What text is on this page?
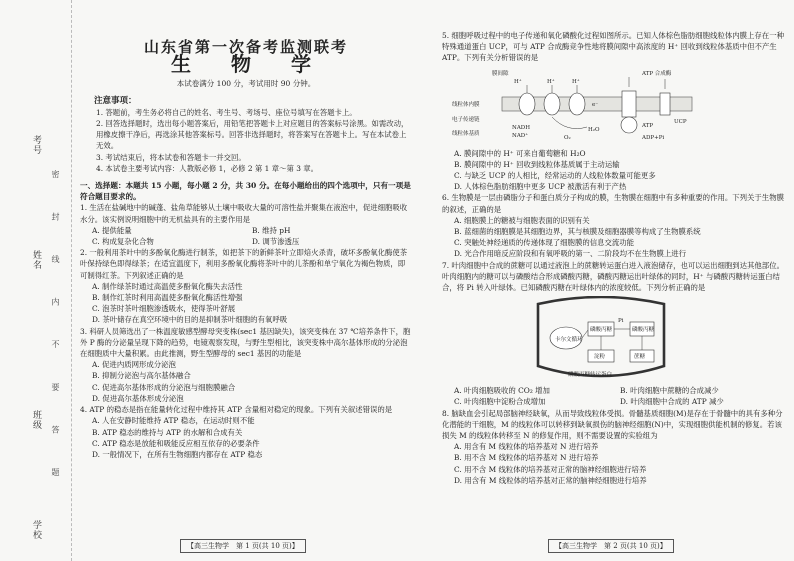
考号
姓名
班级
学校
密 封 线 内 不 要 答 题
山东省第一次备考监测联考
生　物　学
本试卷满分 100 分，考试用时 90 分钟。
注意事项：
1. 答题前，考生务必将自己的姓名、考生号、考场号、座位号填写在答题卡上。
2. 回答选择题时，选出每小题答案后，用铅笔把答题卡上对应题目的答案标号涂黑。如需改动，用橡皮擦干净后，再选涂其他答案标号。回答非选择题时，将答案写在答题卡上。写在本试卷上无效。
3. 考试结束后，将本试卷和答题卡一并交回。
4. 本试卷主要考试内容：人教版必修 1，必修 2 第 1 章～第 3 章。
一、选择题：本题共 15 小题，每小题 2 分，共 30 分。在每小题给出的四个选项中，只有一项是符合题目要求的。
1. 生活在盐碱地中的碱蓬、盐角草能够从土壤中吸收大量的可溶性盐并聚集在液泡中，促进细胞吸收水分。该实例说明细胞中的无机盐具有的主要作用是
A. 提供能量	B. 维持 pH
C. 构成复杂化合物	D. 调节渗透压
2. 一般利用茶叶中的多酚氧化酶进行制茶，如把茶下的新鲜茶叶立即焙火杀青，破坏多酚氧化酶使茶叶保持绿色即得绿茶；在适宜温度下，利用多酚氧化酶将茶叶中的儿茶酚和单宁氧化为褐色物质，即可制得红茶。下列叙述正确的是
A. 制作绿茶时通过高温使多酚氧化酶失去活性
B. 制作红茶时利用高温使多酚氧化酶活性增强
C. 泡茶时茶叶细胞渗透吸水，使得茶叶舒展
D. 茶叶储存在真空环境中的目的是抑制茶叶细胞的有氧呼吸
3. 科研人员筛选出了一株温度敏感型酵母突变株(sec1 基因缺失)，该突变株在 37 ℃培养条件下，胞外 P 酶的分泌量呈现下降的趋势，电镜观察发现，与野生型相比，该突变株中高尔基体形成的分泌泡在细胞质中大量积累。由此推测，野生型酵母的 sec1 基因的功能是
A. 促进内质网形成分泌泡
B. 抑制分泌泡与高尔基体融合
C. 促进高尔基体形成的分泌泡与细胞膜融合
D. 促进高尔基体形成分泌泡
4. ATP 的稳态是指在能量转化过程中维持其 ATP 含量相对稳定的现象。下列有关叙述错误的是
A. 人在安静时能维持 ATP 稳态，在运动时则不能
B. ATP 稳态的维持与 ATP 的水解和合成有关
C. ATP 稳态是放能和吸能反应相互依存的必要条件
D. 一般情况下，在所有生物细胞内都存在 ATP 稳态
5. 细胞呼吸过程中的电子传递和氧化磷酸化过程如图所示。已知人体棕色脂肪细胞线粒体内膜上存在一种特殊通道蛋白 UCP，可与 ATP 合成酶竞争性地将膜间隙中高浓度的 H⁺ 回收到线粒体基质中但不产生 ATP。下列有关分析错误的是
膜间隙
H⁺	H⁺	H⁺
e⁻
线粒体内膜
电子传递链
NADH
NAD⁺	O₂
H₂O
线粒体基质
ATP 合成酶
ATP
ADP+Pi
UCP
A. 膜间隙中的 H⁺ 可来自葡萄糖和 H₂O
B. 膜间隙中的 H⁺ 回收到线粒体基质属于主动运输
C. 与缺乏 UCP 的人相比，经常运动的人线粒体数量可能更多
D. 人体棕色脂肪细胞中更多 UCP 被激活有利于产热
6. 生物膜是一层由磷脂分子和蛋白质分子构成的膜，生物膜在细胞中有多种重要的作用。下列关于生物膜的叙述，正确的是
A. 细胞膜上的糖被与细胞表面的识别有关
B. 蓝细菌的细胞膜是其细胞边界，其与核膜及细胞器膜等构成了生物膜系统
C. 突触处神经递质的传递体现了细胞膜的信息交流功能
D. 光合作用暗反应阶段和有氧呼吸的第一、二阶段均不在生物膜上进行
7. 叶肉细胞中合成的蔗糖可以通过液泡上的蔗糖转运蛋白进入液泡储存，也可以运出细胞到达其他部位。叶肉细胞内的糖可以与磷酸结合形成磷酸丙糖，磷酸丙糖运出叶绿体的同时，H⁺ 与磷酸丙糖转运蛋白结合，将 Pi 转入叶绿体。已知磷酸丙糖在叶绿体内的浓度较低。下列分析正确的是
卡尔文循环
磷酸丙糖	磷酸丙糖
淀粉	蔗糖
Pi
磷酸丙糖转运蛋白
A. 叶肉细胞吸收的 CO₂ 增加	B. 叶肉细胞中蔗糖的合成减少
C. 叶肉细胞中淀粉合成增加	D. 叶肉细胞中合成的 ATP 减少
8. 脑缺血会引起局部脑神经缺氧，从而导致线粒体受损。骨髓基质细胞(M)是存在于骨髓中的具有多种分化潜能的干细胞，M 的线粒体可以转移到缺氧损伤的脑神经细胞(N)中，实现细胞供能机制的修复。若该损失 M 的线粒体转移至 N 的修复作用，则不需要设置的实验组为
A. 用含有 M 线粒体的培养基对 N 进行培养
B. 用不含 M 线粒体的培养基对 N 进行培养
C. 用不含 M 线粒体的培养基对正常的脑神经细胞进行培养
D. 用含有 M 线粒体的培养基对正常的脑神经细胞进行培养
【高三生物学　第 1 页(共 10 页)】	【高三生物学　第 2 页(共 10 页)】
